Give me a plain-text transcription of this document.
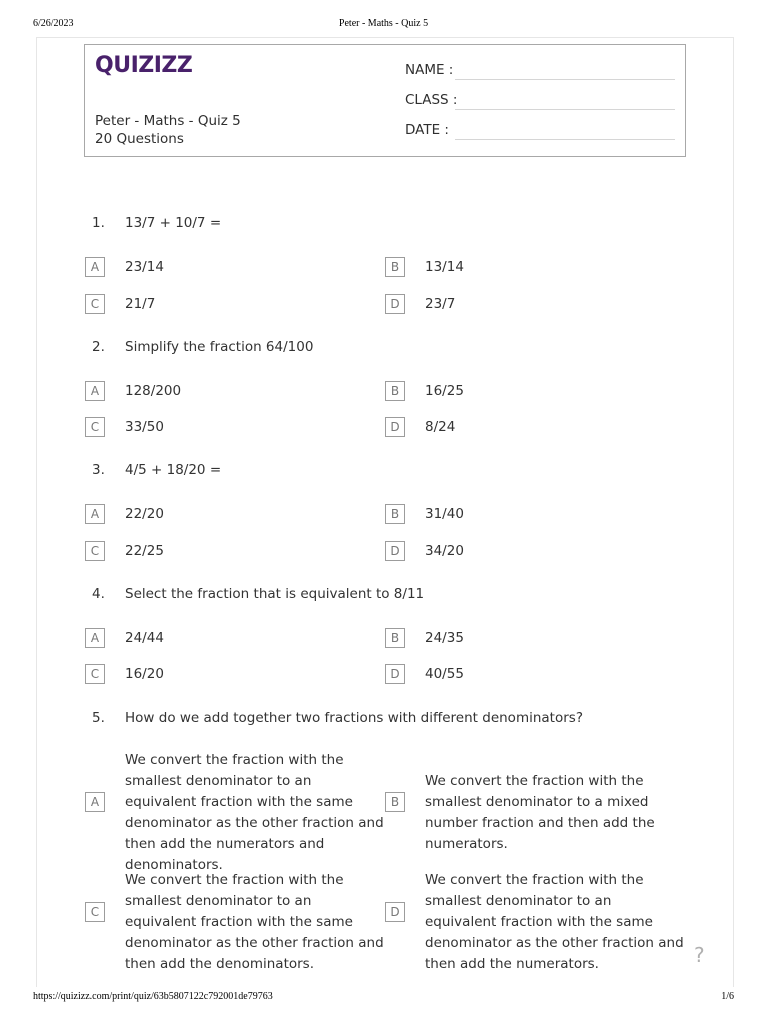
6/26/2023	Peter - Maths - Quiz 5
QUIZIZZ
Peter - Maths - Quiz 5
20 Questions
NAME :
CLASS :
DATE :
1. 13/7 + 10/7 =
A	23/14	B	13/14
C	21/7	D	23/7
2. Simplify the fraction 64/100
A	128/200	B	16/25
C	33/50	D	8/24
3. 4/5 + 18/20 =
A	22/20	B	31/40
C	22/25	D	34/20
4. Select the fraction that is equivalent to 8/11
A	24/44	B	24/35
C	16/20	D	40/55
5. How do we add together two fractions with different denominators?
A
We convert the fraction with the smallest denominator to an equivalent fraction with the same denominator as the other fraction and then add the numerators and denominators.
B
We convert the fraction with the smallest denominator to a mixed number fraction and then add the numerators.
C
We convert the fraction with the smallest denominator to an equivalent fraction with the same denominator as the other fraction and then add the denominators.
D
We convert the fraction with the smallest denominator to an equivalent fraction with the same denominator as the other fraction and then add the numerators.	?
https://quizizz.com/print/quiz/63b5807122c792001de79763	1/6
